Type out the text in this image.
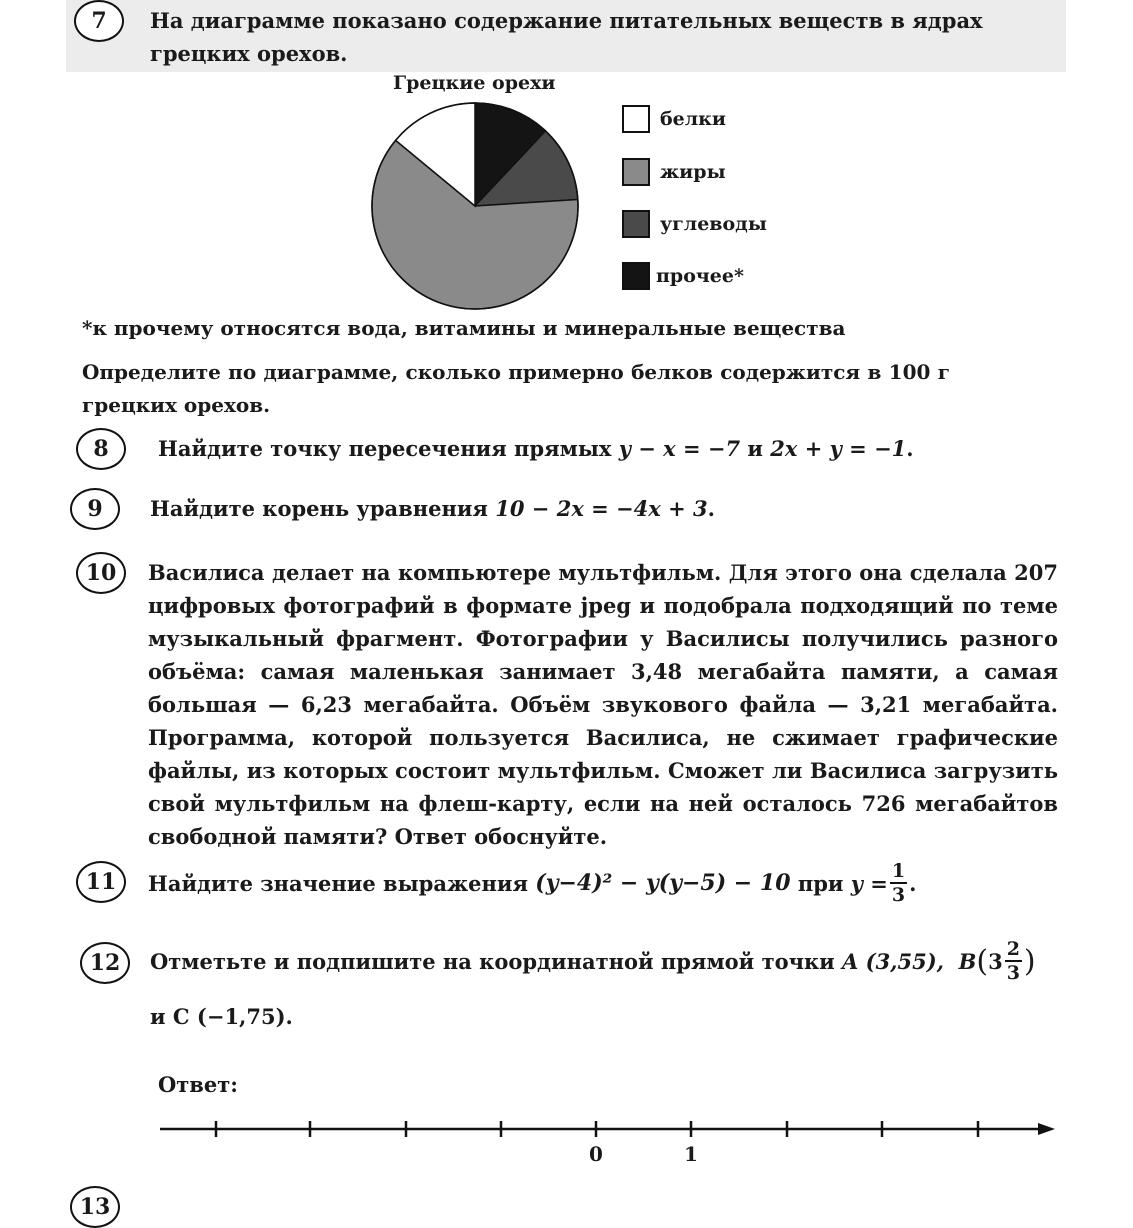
7 На диаграмме показано содержание питательных веществ в ядрах грецких орехов.
Грецкие орехи
белки
жиры
углеводы
прочее*
*к прочему относятся вода, витамины и минеральные вещества
Определите по диаграмме, сколько примерно белков содержится в 100 г грецких орехов.
8 Найдите точку пересечения прямых y − x = −7 и 2x + y = −1.
9 Найдите корень уравнения 10 − 2x = −4x + 3.
10 Василиса делает на компьютере мультфильм. Для этого она сделала 207 цифровых фотографий в формате jpeg и подобрала подходящий по теме музыкальный фрагмент. Фотографии у Василисы получились разного объёма: самая маленькая занимает 3,48 мегабайта памяти, а самая большая — 6,23 мегабайта. Объём звукового файла — 3,21 мегабайта. Программа, которой пользуется Василиса, не сжимает графические файлы, из которых состоит мультфильм. Сможет ли Василиса загрузить свой мультфильм на флеш-карту, если на ней осталось 726 мегабайтов свободной памяти? Ответ обоснуйте.
11 Найдите значение выражения
(y−4)² − y(y−5) − 10
при
$y = \frac{1}{3}$ .
12 Отметьте и подпишите на координатной прямой точки
A (3,55),
B ( $3 \frac{2}{3}$ )
и C (−1,75).
Ответ:
0	1
13
